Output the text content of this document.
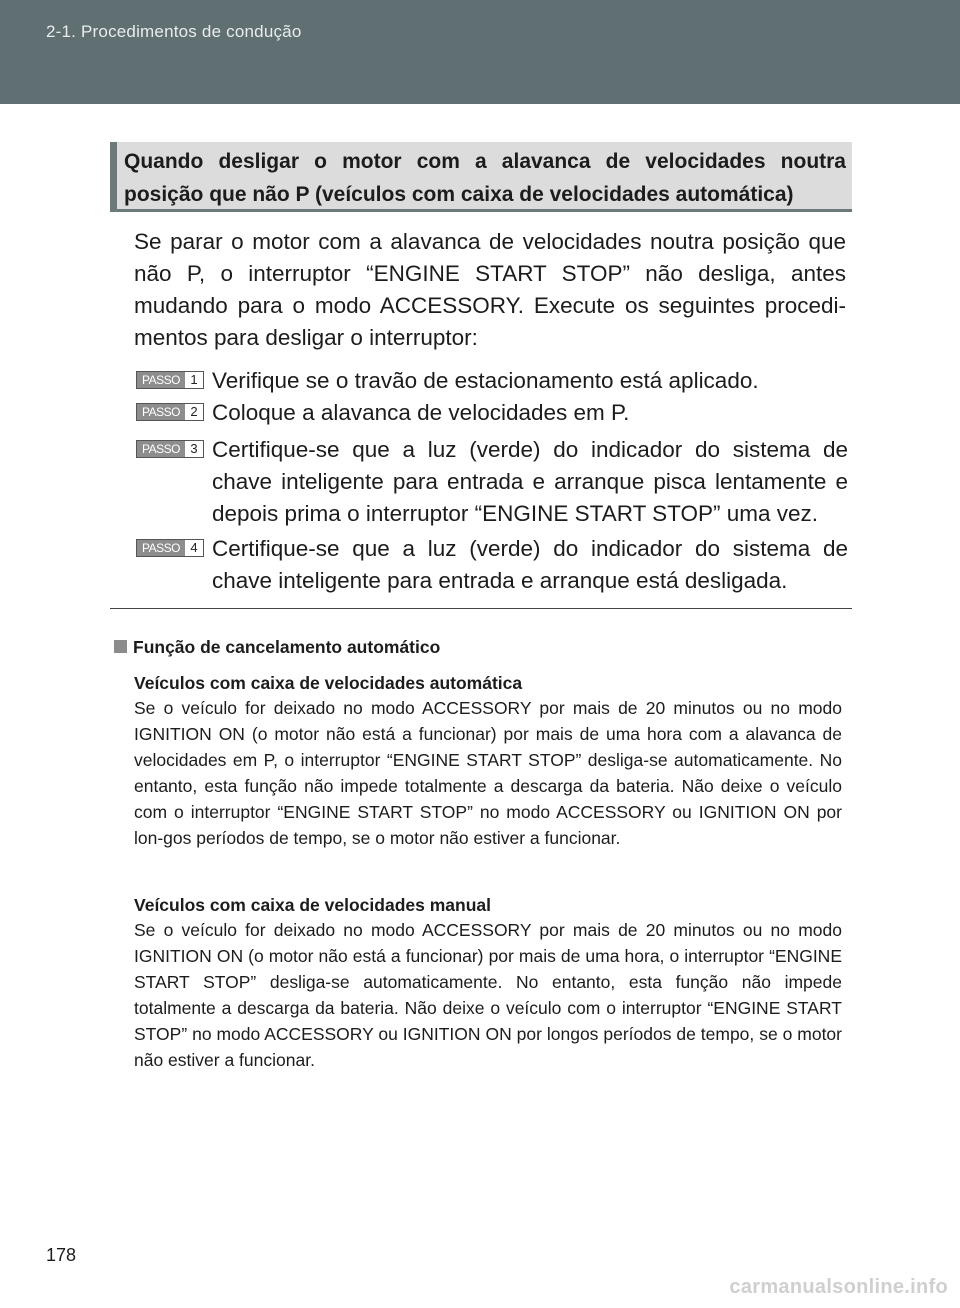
2-1. Procedimentos de condução
Quando desligar o motor com a alavanca de velocidades noutra posição que não P (veículos com caixa de velocidades automática)
Se parar o motor com a alavanca de velocidades noutra posição que não P, o interruptor “ENGINE START STOP” não desliga, antes mudando para o modo ACCESSORY. Execute os seguintes procedi-mentos para desligar o interruptor:
PASSO 1 Verifique se o travão de estacionamento está aplicado.
PASSO 2 Coloque a alavanca de velocidades em P.
PASSO 3 Certifique-se que a luz (verde) do indicador do sistema de chave inteligente para entrada e arranque pisca lentamente e depois prima o interruptor “ENGINE START STOP” uma vez.
PASSO 4 Certifique-se que a luz (verde) do indicador do sistema de chave inteligente para entrada e arranque está desligada.
Função de cancelamento automático
Veículos com caixa de velocidades automática
Se o veículo for deixado no modo ACCESSORY por mais de 20 minutos ou no modo IGNITION ON (o motor não está a funcionar) por mais de uma hora com a alavanca de velocidades em P, o interruptor “ENGINE START STOP” desliga-se automaticamente. No entanto, esta função não impede totalmente a descarga da bateria. Não deixe o veículo com o interruptor “ENGINE START STOP” no modo ACCESSORY ou IGNITION ON por lon-gos períodos de tempo, se o motor não estiver a funcionar.
Veículos com caixa de velocidades manual
Se o veículo for deixado no modo ACCESSORY por mais de 20 minutos ou no modo IGNITION ON (o motor não está a funcionar) por mais de uma hora, o interruptor “ENGINE START STOP” desliga-se automaticamente. No entanto, esta função não impede totalmente a descarga da bateria. Não deixe o veículo com o interruptor “ENGINE START STOP” no modo ACCESSORY ou IGNITION ON por longos períodos de tempo, se o motor não estiver a funcionar.
178
carmanualsonline.info
